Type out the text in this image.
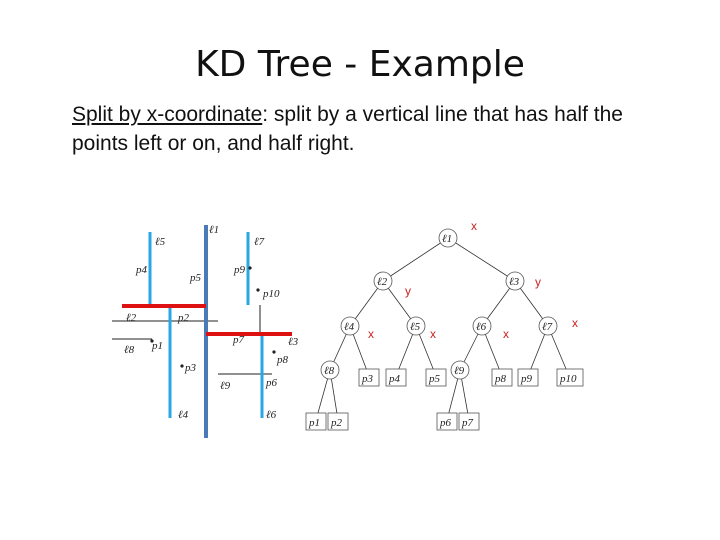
KD Tree - Example
Split by x-coordinate: split by a vertical line that has half the points left or on, and half right.
ℓ5
ℓ1
ℓ7
ℓ2
ℓ8
ℓ3
ℓ9
ℓ4	ℓ6
p4
p5
p9
p10
p2
p1	p7
p8
p3
p6
ℓ1
ℓ2	ℓ3
ℓ4	ℓ5	ℓ6	ℓ7
ℓ8	ℓ9
p3 p4	p5	p8 p9	p10
p1 p2	p6 p7
x
y
y
x	x	x
x
